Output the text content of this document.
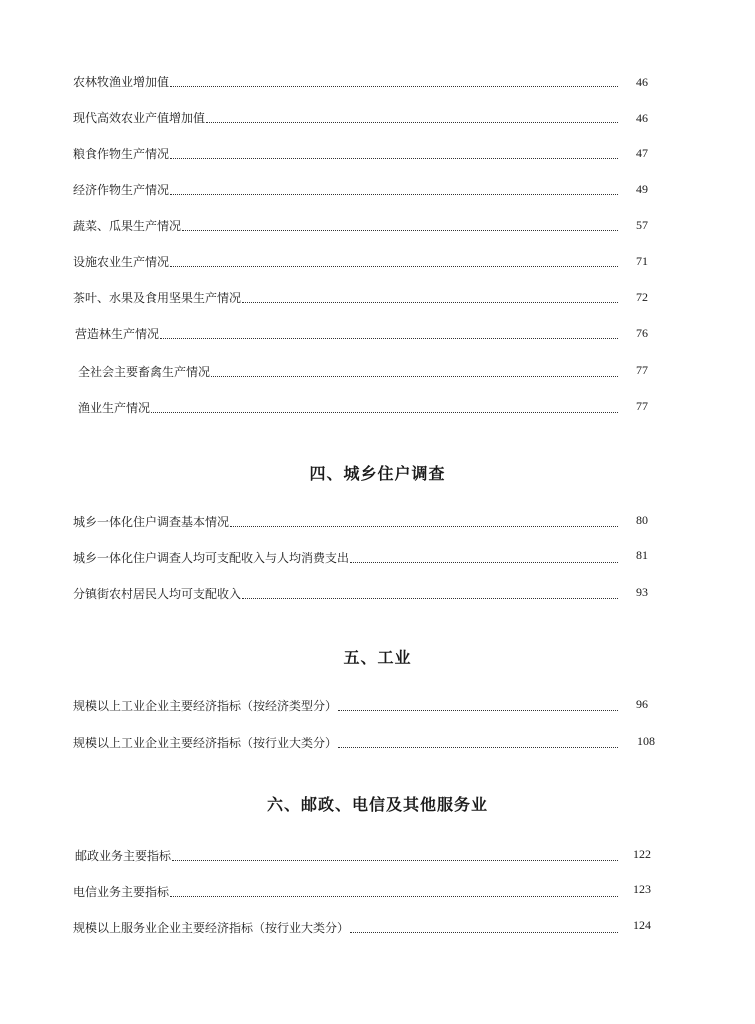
农林牧渔业增加值	46
现代高效农业产值增加值	46
粮食作物生产情况	47
经济作物生产情况	49
蔬菜、瓜果生产情况	57
设施农业生产情况	71
茶叶、水果及食用坚果生产情况	72
营造林生产情况	76
全社会主要畜禽生产情况	77
渔业生产情况	77
四、城乡住户调查
城乡一体化住户调查基本情况	80
城乡一体化住户调查人均可支配收入与人均消费支出	81
分镇街农村居民人均可支配收入	93
五、工业
规模以上工业企业主要经济指标（按经济类型分）	96
规模以上工业企业主要经济指标（按行业大类分）	108
六、邮政、电信及其他服务业
邮政业务主要指标	122
电信业务主要指标	123
规模以上服务业企业主要经济指标（按行业大类分）	124
